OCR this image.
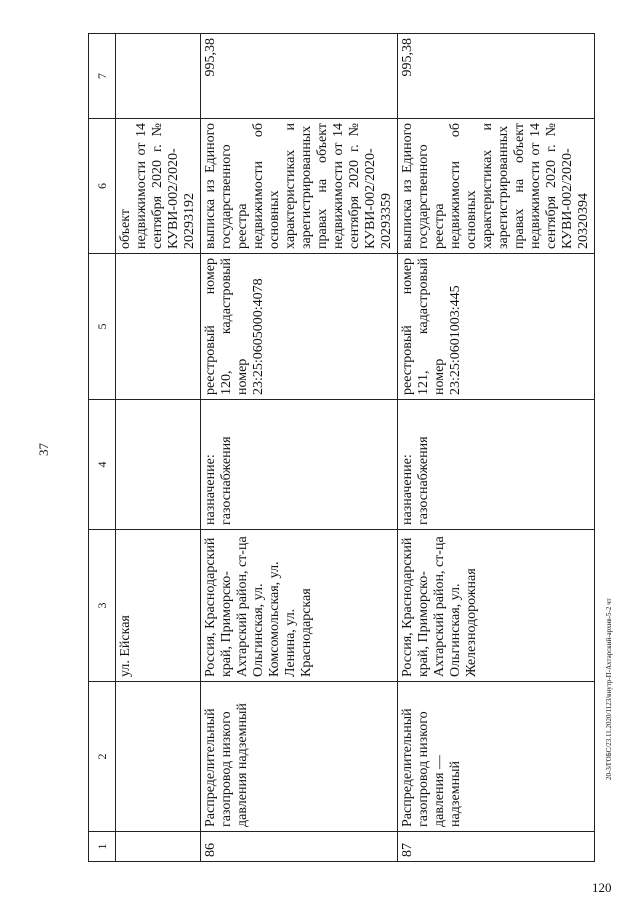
37
120
20-3/ГОБС/23.11.2020/1123/внутр-П-Ахтарский-архив-5-2 чт
1	2	3	4	5	6	7
		ул. Ейская			объект недвижимости от 14 сентября 2020 г. № КУВИ-002/2020-20293192	
86	Распределительный газопровод низкого давления надземный	Россия, Краснодарский край, Приморско-Ахтарский район, ст-ца Ольгинская, ул. Комсомольская, ул. Ленина, ул. Краснодарская	назначение: газоснабжения	реестровый номер 120, кадастровый номер 23:25:0605000:4078	выписка из Единого государственного реестра недвижимости об основных характеристиках и зарегистрированных правах на объект недвижимости от 14 сентября 2020 г. № КУВИ-002/2020-20293359	995,38
87	Распределительный газопровод низкого давления — надземный	Россия, Краснодарский край, Приморско-Ахтарский район, ст-ца Ольгинская, ул. Железнодорожная	назначение: газоснабжения	реестровый номер 121, кадастровый номер 23:25:0601003:445	выписка из Единого государственного реестра недвижимости об основных характеристиках и зарегистрированных правах на объект недвижимости от 14 сентября 2020 г. № КУВИ-002/2020-20320394	995,38
